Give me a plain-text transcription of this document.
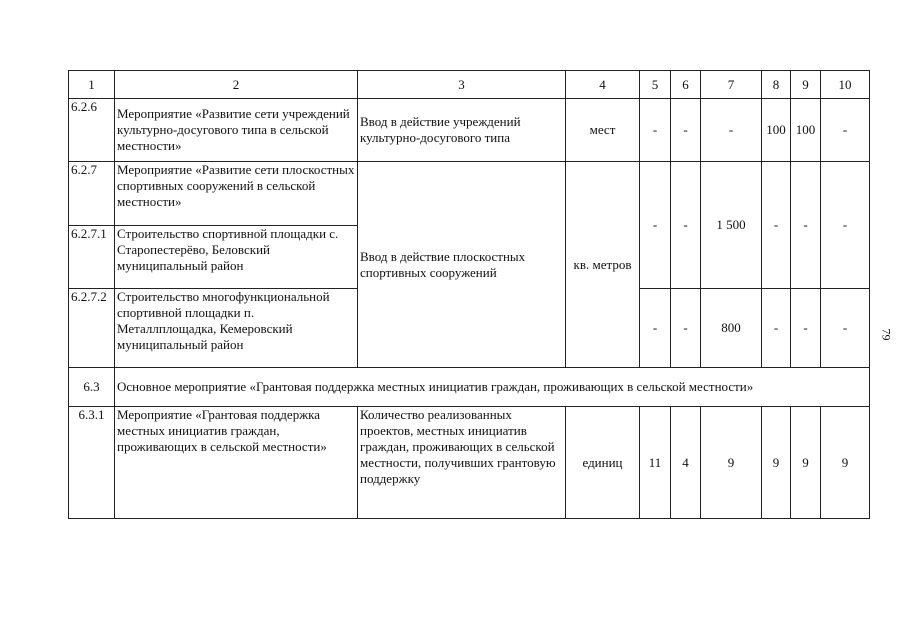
1	2	3	4	5	6	7	8	9	10
6.2.6	Мероприятие «Развитие сети учреждений культурно-досугового типа в сельской местности»	Ввод в действие учреждений культурно-досугового типа	мест	-	-	-	100	100	-
6.2.7	Мероприятие «Развитие сети плоскостных спортивных сооружений в сельской местности»	Ввод в действие плоскостных спортивных сооружений	кв. метров	-	-	1 500	-	-	-
6.2.7.1	Строительство спортивной площадки с. Старопестерёво, Беловский муниципальный район								
6.2.7.2	Строительство многофункциональной спортивной площадки п. Металлплощадка, Кемеровский муниципальный район			-	-	800	-	-	-
6.3	Основное мероприятие «Грантовая поддержка местных инициатив граждан, проживающих в сельской местности»								
6.3.1	Мероприятие «Грантовая поддержка местных инициатив граждан, проживающих в сельской местности»	Количество реализованных проектов, местных инициатив граждан, проживающих в сельской местности, получивших грантовую поддержку	единиц	11	4	9	9	9	9
79
